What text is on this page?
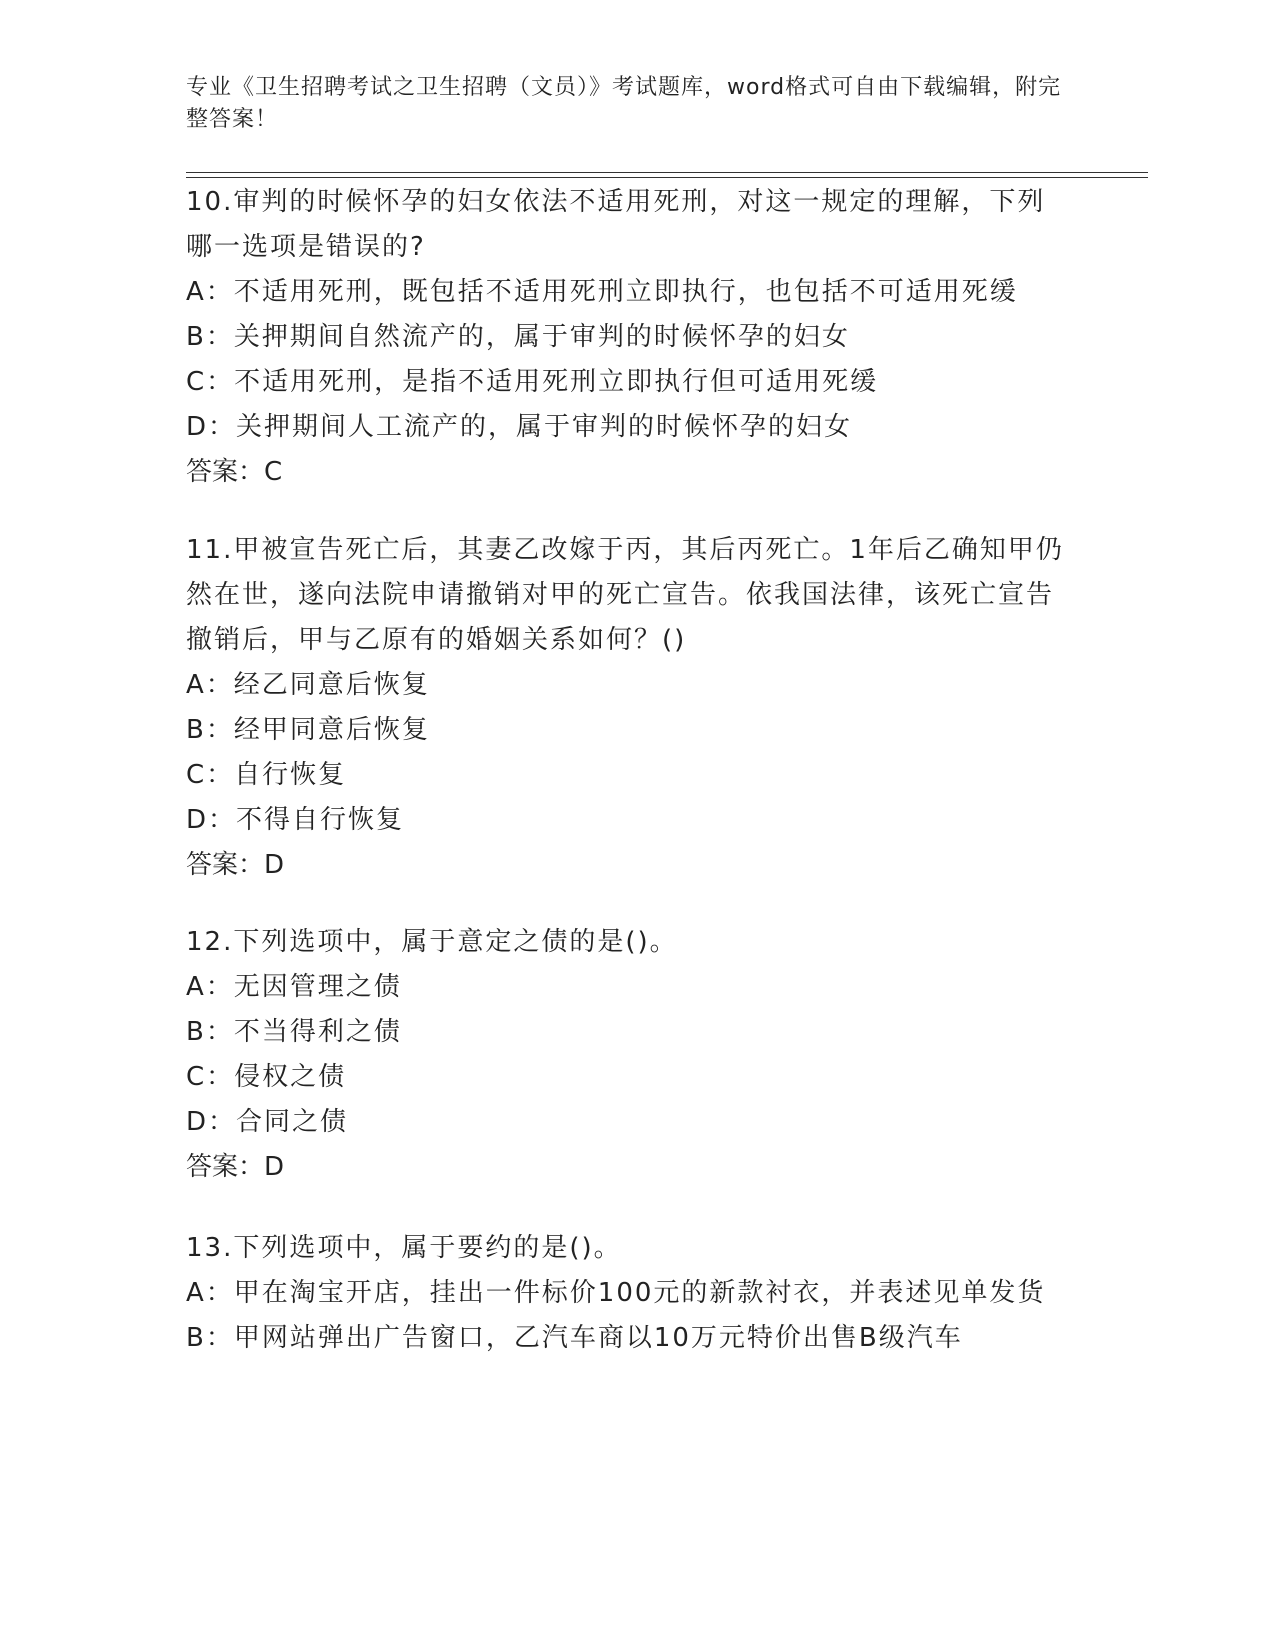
专业《卫生招聘考试之卫生招聘（文员）》考试题库，word格式可自由下载编辑，附完整答案！
10.审判的时候怀孕的妇女依法不适用死刑，对这一规定的理解，下列哪一选项是错误的?
A：不适用死刑，既包括不适用死刑立即执行，也包括不可适用死缓
B：关押期间自然流产的，属于审判的时候怀孕的妇女
C：不适用死刑，是指不适用死刑立即执行但可适用死缓
D：关押期间人工流产的，属于审判的时候怀孕的妇女
答案：C
11.甲被宣告死亡后，其妻乙改嫁于丙，其后丙死亡。1年后乙确知甲仍然在世，遂向法院申请撤销对甲的死亡宣告。依我国法律，该死亡宣告撤销后，甲与乙原有的婚姻关系如何？()
A：经乙同意后恢复
B：经甲同意后恢复
C：自行恢复
D：不得自行恢复
答案：D
12.下列选项中，属于意定之债的是()。
A：无因管理之债
B：不当得利之债
C：侵权之债
D：合同之债
答案：D
13.下列选项中，属于要约的是()。
A：甲在淘宝开店，挂出一件标价100元的新款衬衣，并表述见单发货
B：甲网站弹出广告窗口，乙汽车商以10万元特价出售B级汽车
